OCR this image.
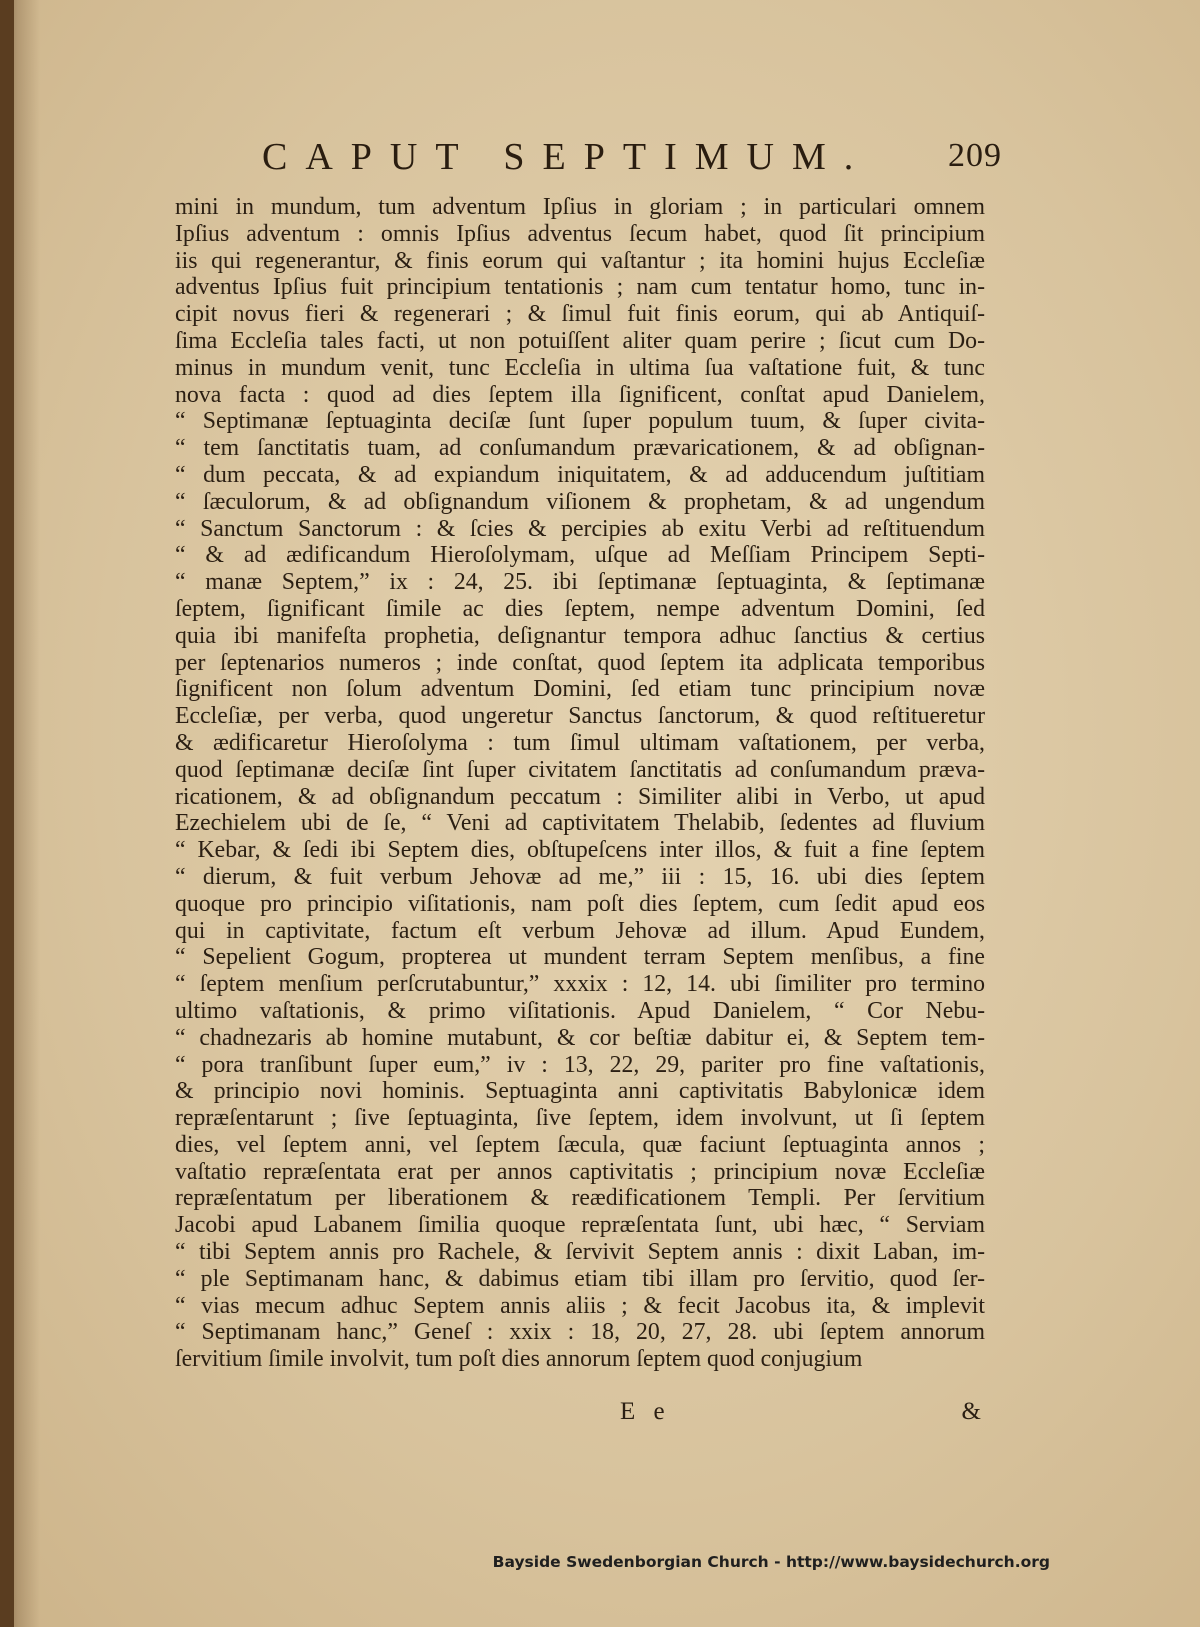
CAPUT SEPTIMUM. 209
mini in mundum, tum adventum Ipſius in gloriam ; in particulari omnem
Ipſius adventum : omnis Ipſius adventus ſecum habet, quod ſit principium
iis qui regenerantur, & finis eorum qui vaſtantur ; ita homini hujus Eccleſiæ
adventus Ipſius fuit principium tentationis ; nam cum tentatur homo, tunc in-
cipit novus fieri & regenerari ; & ſimul fuit finis eorum, qui ab Antiquiſ-
ſima Eccleſia tales facti, ut non potuiſſent aliter quam perire ; ſicut cum Do-
minus in mundum venit, tunc Eccleſia in ultima ſua vaſtatione fuit, & tunc
nova facta : quod ad dies ſeptem illa ſignificent, conſtat apud Danielem,
“ Septimanæ ſeptuaginta deciſæ ſunt ſuper populum tuum, & ſuper civita-
“ tem ſanctitatis tuam, ad conſumandum prævaricationem, & ad obſignan-
“ dum peccata, & ad expiandum iniquitatem, & ad adducendum juſtitiam
“ ſæculorum, & ad obſignandum viſionem & prophetam, & ad ungendum
“ Sanctum Sanctorum : & ſcies & percipies ab exitu Verbi ad reſtituendum
“ & ad ædificandum Hieroſolymam, uſque ad Meſſiam Principem Septi-
“ manæ Septem,” ix : 24, 25. ibi ſeptimanæ ſeptuaginta, & ſeptimanæ
ſeptem, ſignificant ſimile ac dies ſeptem, nempe adventum Domini, ſed
quia ibi manifeſta prophetia, deſignantur tempora adhuc ſanctius & certius
per ſeptenarios numeros ; inde conſtat, quod ſeptem ita adplicata temporibus
ſignificent non ſolum adventum Domini, ſed etiam tunc principium novæ
Eccleſiæ, per verba, quod ungeretur Sanctus ſanctorum, & quod reſtitueretur
& ædificaretur Hieroſolyma : tum ſimul ultimam vaſtationem, per verba,
quod ſeptimanæ deciſæ ſint ſuper civitatem ſanctitatis ad conſumandum præva-
ricationem, & ad obſignandum peccatum : Similiter alibi in Verbo, ut apud
Ezechielem ubi de ſe, “ Veni ad captivitatem Thelabib, ſedentes ad fluvium
“ Kebar, & ſedi ibi Septem dies, obſtupeſcens inter illos, & fuit a fine ſeptem
“ dierum, & fuit verbum Jehovæ ad me,” iii : 15, 16. ubi dies ſeptem
quoque pro principio viſitationis, nam poſt dies ſeptem, cum ſedit apud eos
qui in captivitate, factum eſt verbum Jehovæ ad illum. Apud Eundem,
“ Sepelient Gogum, propterea ut mundent terram Septem menſibus, a fine
“ ſeptem menſium perſcrutabuntur,” xxxix : 12, 14. ubi ſimiliter pro termino
ultimo vaſtationis, & primo viſitationis. Apud Danielem, “ Cor Nebu-
“ chadnezaris ab homine mutabunt, & cor beſtiæ dabitur ei, & Septem tem-
“ pora tranſibunt ſuper eum,” iv : 13, 22, 29, pariter pro fine vaſtationis,
& principio novi hominis. Septuaginta anni captivitatis Babylonicæ idem
repræſentarunt ; ſive ſeptuaginta, ſive ſeptem, idem involvunt, ut ſi ſeptem
dies, vel ſeptem anni, vel ſeptem ſæcula, quæ faciunt ſeptuaginta annos ;
vaſtatio repræſentata erat per annos captivitatis ; principium novæ Eccleſiæ
repræſentatum per liberationem & reædificationem Templi. Per ſervitium
Jacobi apud Labanem ſimilia quoque repræſentata ſunt, ubi hæc, “ Serviam
“ tibi Septem annis pro Rachele, & ſervivit Septem annis : dixit Laban, im-
“ ple Septimanam hanc, & dabimus etiam tibi illam pro ſervitio, quod ſer-
“ vias mecum adhuc Septem annis aliis ; & fecit Jacobus ita, & implevit
“ Septimanam hanc,” Geneſ : xxix : 18, 20, 27, 28. ubi ſeptem annorum
ſervitium ſimile involvit, tum poſt dies annorum ſeptem quod conjugium
E e	&
Bayside Swedenborgian Church - http://www.baysidechurch.org
